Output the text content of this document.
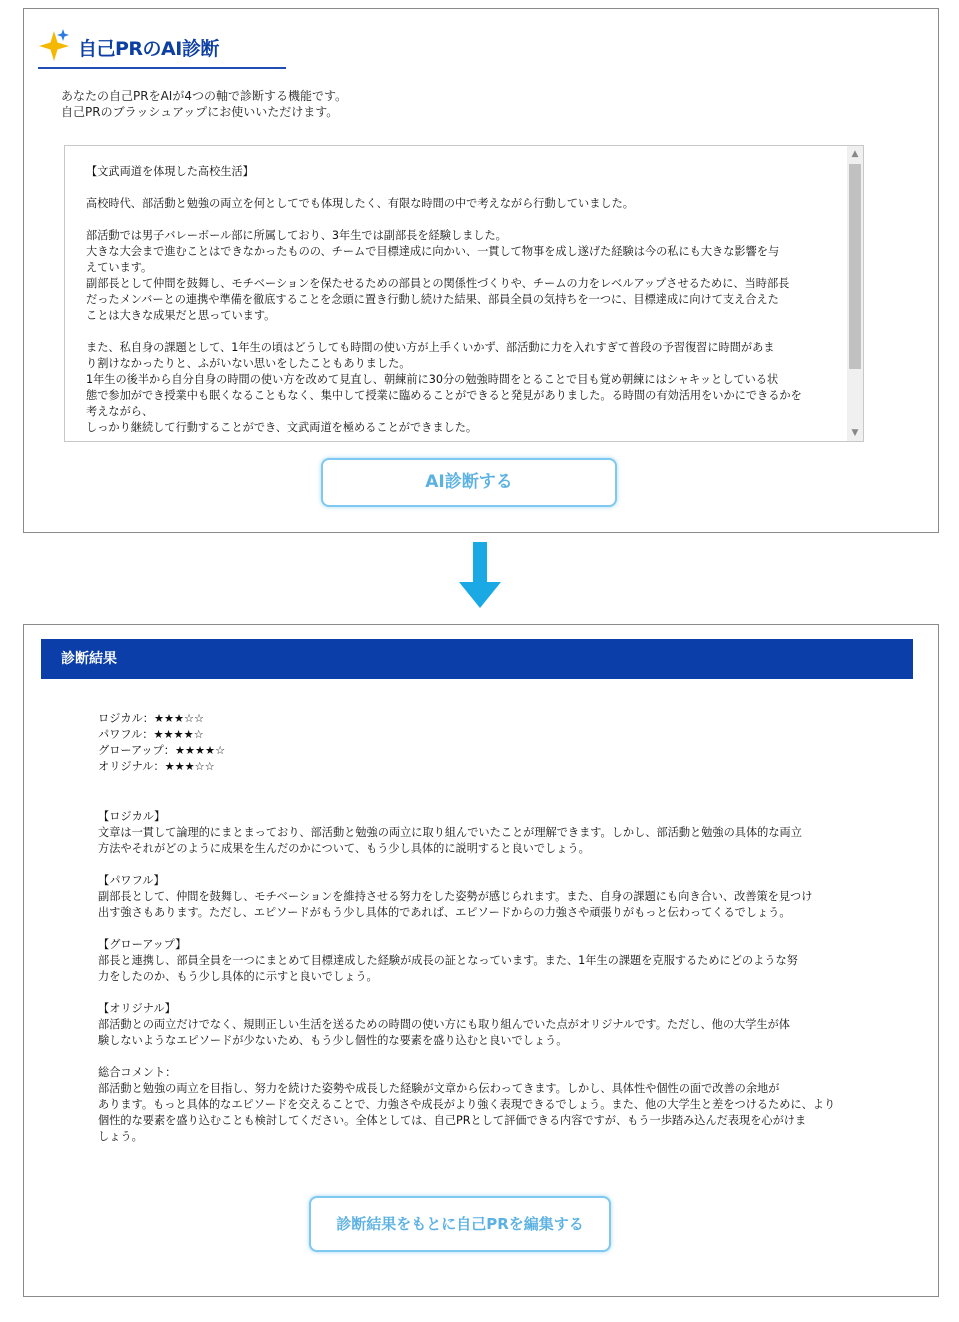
自己PRのAI診断
あなたの自己PRをAIが4つの軸で診断する機能です。
自己PRのブラッシュアップにお使いいただけます。
【文武両道を体現した高校生活】

高校時代、部活動と勉強の両立を何としてでも体現したく、有限な時間の中で考えながら行動していました。

部活動では男子バレーボール部に所属しており、3年生では副部長を経験しました。
大きな大会まで進むことはできなかったものの、チームで目標達成に向かい、一貫して物事を成し遂げた経験は今の私にも大きな影響を与
えています。
副部長として仲間を鼓舞し、モチベーションを保たせるための部員との関係性づくりや、チームの力をレベルアップさせるために、当時部長
だったメンバーとの連携や準備を徹底することを念頭に置き行動し続けた結果、部員全員の気持ちを一つに、目標達成に向けて支え合えた
ことは大きな成果だと思っています。

また、私自身の課題として、1年生の頃はどうしても時間の使い方が上手くいかず、部活動に力を入れすぎて普段の予習復習に時間があま
り割けなかったりと、ふがいない思いをしたこともありました。
1年生の後半から自分自身の時間の使い方を改めて見直し、朝練前に30分の勉強時間をとることで目も覚め朝練にはシャキッとしている状
態で参加ができ授業中も眠くなることもなく、集中して授業に臨めることができると発見がありました。る時間の有効活用をいかにできるかを
考えながら、
しっかり継続して行動することができ、文武両道を極めることができました。
▲
▼
AI診断する
診断結果
ロジカル：★★★☆☆
パワフル：★★★★☆
グローアップ：★★★★☆
オリジナル：★★★☆☆
【ロジカル】
文章は一貫して論理的にまとまっており、部活動と勉強の両立に取り組んでいたことが理解できます。しかし、部活動と勉強の具体的な両立
方法やそれがどのように成果を生んだのかについて、もう少し具体的に説明すると良いでしょう。
【パワフル】
副部長として、仲間を鼓舞し、モチベーションを維持させる努力をした姿勢が感じられます。また、自身の課題にも向き合い、改善策を見つけ
出す強さもあります。ただし、エピソードがもう少し具体的であれば、エピソードからの力強さや頑張りがもっと伝わってくるでしょう。
【グローアップ】
部長と連携し、部員全員を一つにまとめて目標達成した経験が成長の証となっています。また、1年生の課題を克服するためにどのような努
力をしたのか、もう少し具体的に示すと良いでしょう。
【オリジナル】
部活動との両立だけでなく、規則正しい生活を送るための時間の使い方にも取り組んでいた点がオリジナルです。ただし、他の大学生が体
験しないようなエピソードが少ないため、もう少し個性的な要素を盛り込むと良いでしょう。
総合コメント：
部活動と勉強の両立を目指し、努力を続けた姿勢や成長した経験が文章から伝わってきます。しかし、具体性や個性の面で改善の余地が
あります。もっと具体的なエピソードを交えることで、力強さや成長がより強く表現できるでしょう。また、他の大学生と差をつけるために、より
個性的な要素を盛り込むことも検討してください。全体としては、自己PRとして評価できる内容ですが、もう一歩踏み込んだ表現を心がけま
しょう。
診断結果をもとに自己PRを編集する
